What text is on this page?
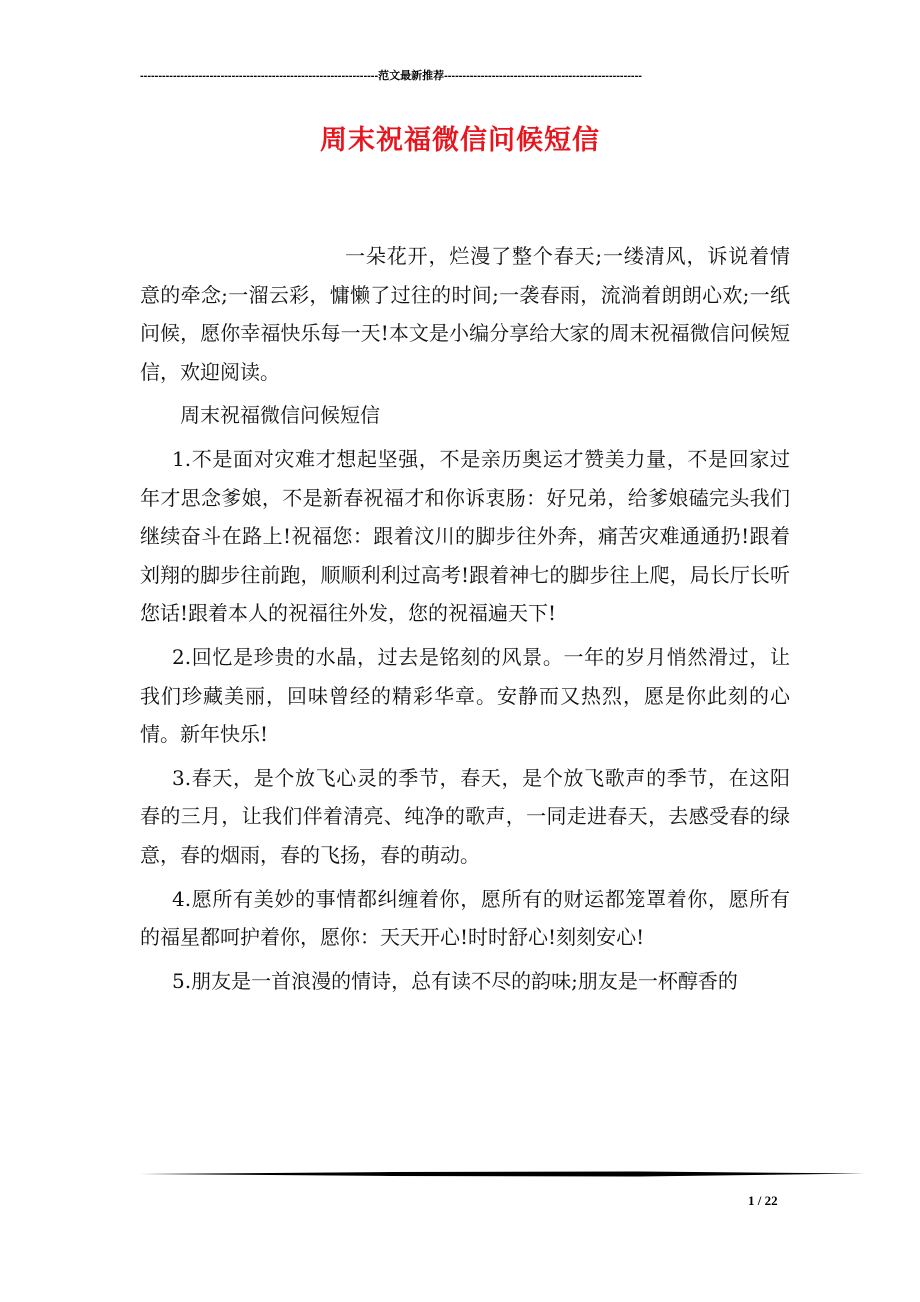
-----------------------------------------------------------------范文最新推荐------------------------------------------------------
周末祝福微信问候短信

一朵花开，烂漫了整个春天;一缕清风，诉说着情意的牵念;一溜云彩，慵懒了过往的时间;一袭春雨，流淌着朗朗心欢;一纸问候，愿你幸福快乐每一天!本文是小编分享给大家的周末祝福微信问候短信，欢迎阅读。

周末祝福微信问候短信

1.不是面对灾难才想起坚强，不是亲历奥运才赞美力量，不是回家过年才思念爹娘，不是新春祝福才和你诉衷肠：好兄弟，给爹娘磕完头我们继续奋斗在路上!祝福您：跟着汶川的脚步往外奔，痛苦灾难通通扔!跟着刘翔的脚步往前跑，顺顺利利过高考!跟着神七的脚步往上爬，局长厅长听您话!跟着本人的祝福往外发，您的祝福遍天下!

2.回忆是珍贵的水晶，过去是铭刻的风景。一年的岁月悄然滑过，让我们珍藏美丽，回味曾经的精彩华章。安静而又热烈，愿是你此刻的心情。新年快乐!

3.春天，是个放飞心灵的季节，春天，是个放飞歌声的季节，在这阳春的三月，让我们伴着清亮、纯净的歌声，一同走进春天，去感受春的绿意，春的烟雨，春的飞扬，春的萌动。

4.愿所有美妙的事情都纠缠着你，愿所有的财运都笼罩着你，愿所有的福星都呵护着你，愿你：天天开心!时时舒心!刻刻安心!

5.朋友是一首浪漫的情诗，总有读不尽的韵味;朋友是一杯醇香的

1 / 22
